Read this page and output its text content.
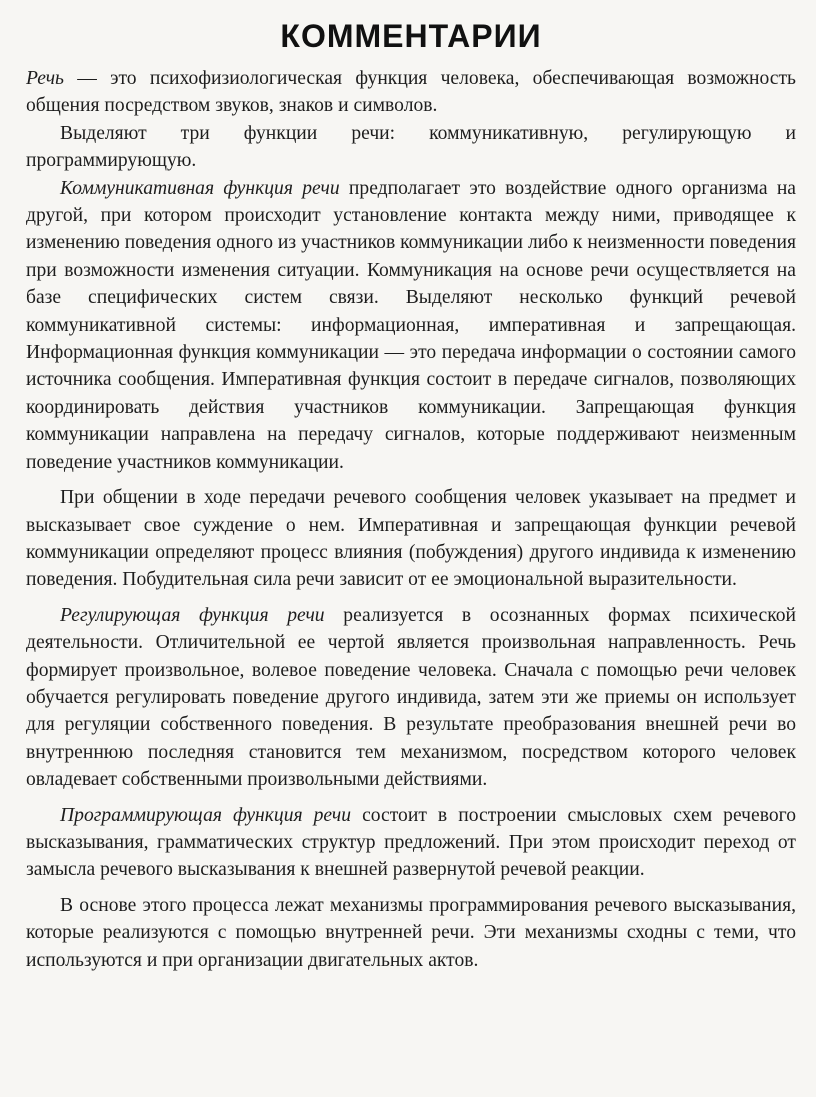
КОММЕНТАРИИ

Речь — это психофизиологическая функция человека, обеспечивающая возможность общения посредством звуков, знаков и символов.

Выделяют три функции речи: коммуникативную, регулирующую и программирующую.

Коммуникативная функция речи предполагает это воздействие одного организма на другой, при котором происходит установление контакта между ними, приводящее к изменению поведения одного из участников коммуникации либо к неизменности поведения при возможности изменения ситуации. Коммуникация на основе речи осуществляется на базе специфических систем связи. Выделяют несколько функций речевой коммуникативной системы: информационная, императивная и запрещающая. Информационная функция коммуникации — это передача информации о состоянии самого источника сообщения. Императивная функция состоит в передаче сигналов, позволяющих координировать действия участников коммуникации. Запрещающая функция коммуникации направлена на передачу сигналов, которые поддерживают неизменным поведение участников коммуникации.

При общении в ходе передачи речевого сообщения человек указывает на предмет и высказывает свое суждение о нем. Императивная и запрещающая функции речевой коммуникации определяют процесс влияния (побуждения) другого индивида к изменению поведения. Побудительная сила речи зависит от ее эмоциональной выразительности.

Регулирующая функция речи реализуется в осознанных формах психической деятельности. Отличительной ее чертой является произвольная направленность. Речь формирует произвольное, волевое поведение человека. Сначала с помощью речи человек обучается регулировать поведение другого индивида, затем эти же приемы он использует для регуляции собственного поведения. В результате преобразования внешней речи во внутреннюю последняя становится тем механизмом, посредством которого человек овладевает собственными произвольными действиями.

Программирующая функция речи состоит в построении смысловых схем речевого высказывания, грамматических структур предложений. При этом происходит переход от замысла речевого высказывания к внешней развернутой речевой реакции.

В основе этого процесса лежат механизмы программирования речевого высказывания, которые реализуются с помощью внутренней речи. Эти механизмы сходны с теми, что используются и при организации двигательных актов.
